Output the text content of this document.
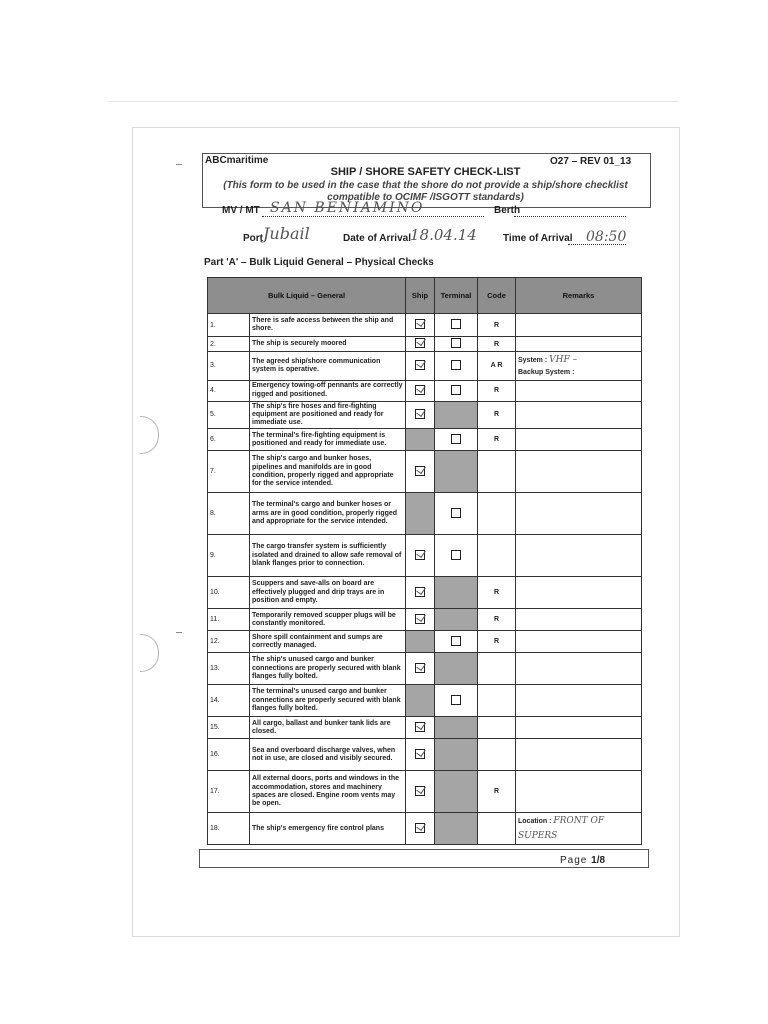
ABCmaritime	O27 – REV 01_13
SHIP / SHORE SAFETY CHECK-LIST
(This form to be used in the case that the shore do not provide a ship/shore checklist
compatible to OCIMF /ISGOTT standards)
MV / MT SAN BENIAMINO	Berth
Port Jubail	Date of Arrival 18.04.14	Time of Arrival 08:50
Part 'A' – Bulk Liquid General – Physical Checks
Bulk Liquid – General		Ship	Terminal	Code	Remarks
1.	There is safe access between the ship and shore.			R	
2.	The ship is securely moored			R	
3.	The agreed ship/shore communication system is operative.			A R	System : VHF –
Backup System :
4.	Emergency towing-off pennants are correctly rigged and positioned.			R	
5.	The ship's fire hoses and fire-fighting equipment are positioned and ready for immediate use.			R	
6.	The terminal's fire-fighting equipment is positioned and ready for immediate use.			R	
7.	The ship's cargo and bunker hoses, pipelines and manifolds are in good condition, properly rigged and appropriate for the service intended.				
8.	The terminal's cargo and bunker hoses or arms are in good condition, properly rigged and appropriate for the service intended.				
9.	The cargo transfer system is sufficiently isolated and drained to allow safe removal of blank flanges prior to connection.				
10.	Scuppers and save-alls on board are effectively plugged and drip trays are in position and empty.			R	
11.	Temporarily removed scupper plugs will be constantly monitored.			R	
12.	Shore spill containment and sumps are correctly managed.			R	
13.	The ship's unused cargo and bunker connections are properly secured with blank flanges fully bolted.				
14.	The terminal's unused cargo and bunker connections are properly secured with blank flanges fully bolted.				
15.	All cargo, ballast and bunker tank lids are closed.				
16.	Sea and overboard discharge valves, when not in use, are closed and visibly secured.				
17.	All external doors, ports and windows in the accommodation, stores and machinery spaces are closed. Engine room vents may be open.			R	
18.	The ship's emergency fire control plans				Location : FRONT OF SUPERS
Page 1/8
